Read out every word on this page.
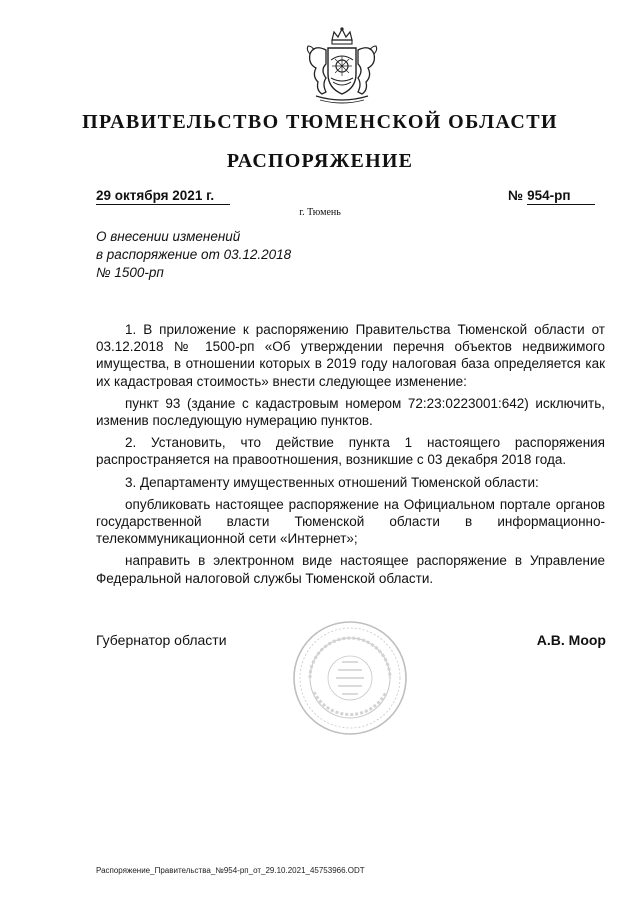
ПРАВИТЕЛЬСТВО ТЮМЕНСКОЙ ОБЛАСТИ
РАСПОРЯЖЕНИЕ
29 октября 2021 г.	№ 954-рп
г. Тюмень
О внесении изменений
в распоряжение от 03.12.2018
№ 1500-рп

1. В приложение к распоряжению Правительства Тюменской области от 03.12.2018 № 1500-рп «Об утверждении перечня объектов недвижимого имущества, в отношении которых в 2019 году налоговая база определяется как их кадастровая стоимость» внести следующее изменение:

пункт 93 (здание с кадастровым номером 72:23:0223001:642) исключить, изменив последующую нумерацию пунктов.

2. Установить, что действие пункта 1 настоящего распоряжения распространяется на правоотношения, возникшие с 03 декабря 2018 года.

3. Департаменту имущественных отношений Тюменской области:

опубликовать настоящее распоряжение на Официальном портале органов государственной власти Тюменской области в информационно-телекоммуникационной сети «Интернет»;

направить в электронном виде настоящее распоряжение в Управление Федеральной налоговой службы Тюменской области.

Губернатор области	А.В. Моор
Распоряжение_Правительства_№954-рп_от_29.10.2021_45753966.ODT
